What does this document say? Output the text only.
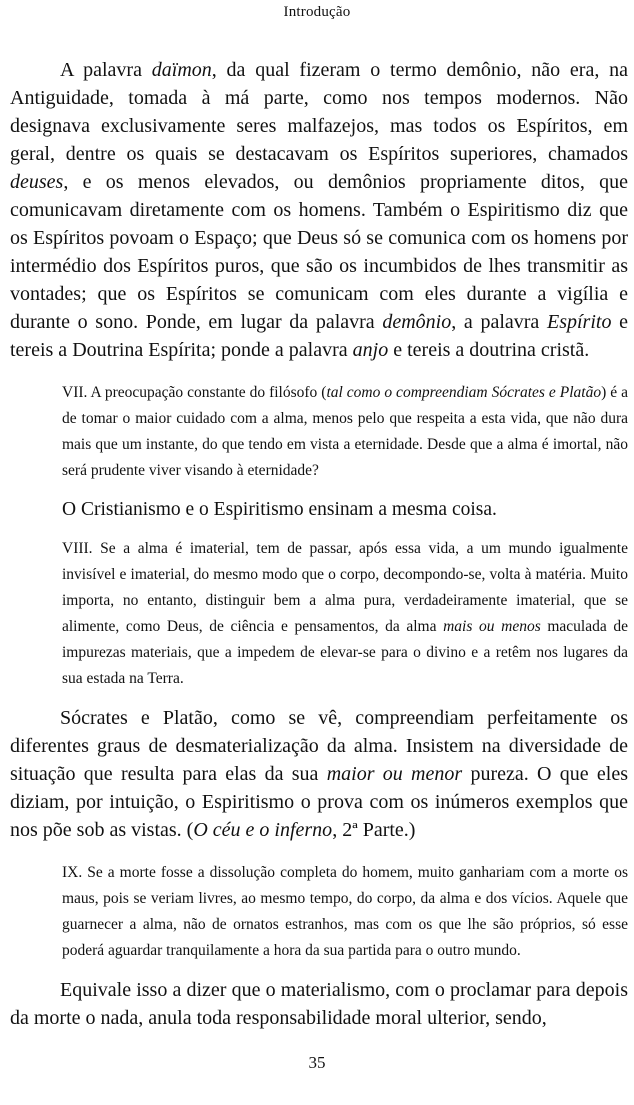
Introdução

A palavra daïmon, da qual fizeram o termo demônio, não era, na Antiguidade, tomada à má parte, como nos tempos modernos. Não designava exclusivamente seres malfazejos, mas todos os Espíritos, em geral, dentre os quais se destacavam os Espíritos superiores, chamados deuses, e os menos elevados, ou demônios propriamente ditos, que comunicavam diretamente com os homens. Também o Espiritismo diz que os Espíritos povoam o Espaço; que Deus só se comunica com os homens por intermédio dos Espíritos puros, que são os incumbidos de lhes transmitir as vontades; que os Espíritos se comunicam com eles durante a vigília e durante o sono. Ponde, em lugar da palavra demônio, a palavra Espírito e tereis a Doutrina Espírita; ponde a palavra anjo e tereis a doutrina cristã.

VII. A preocupação constante do filósofo (tal como o compreendiam Sócrates e Platão) é a de tomar o maior cuidado com a alma, menos pelo que respeita a esta vida, que não dura mais que um instante, do que tendo em vista a eternidade. Desde que a alma é imortal, não será prudente viver visando à eternidade?

O Cristianismo e o Espiritismo ensinam a mesma coisa.

VIII. Se a alma é imaterial, tem de passar, após essa vida, a um mundo igualmente invisível e imaterial, do mesmo modo que o corpo, decompondo-se, volta à matéria. Muito importa, no entanto, distinguir bem a alma pura, verdadeiramente imaterial, que se alimente, como Deus, de ciência e pensamentos, da alma mais ou menos maculada de impurezas materiais, que a impedem de elevar-se para o divino e a retêm nos lugares da sua estada na Terra.

Sócrates e Platão, como se vê, compreendiam perfeitamente os diferentes graus de desmaterialização da alma. Insistem na diversidade de situação que resulta para elas da sua maior ou menor pureza. O que eles diziam, por intuição, o Espiritismo o prova com os inúmeros exemplos que nos põe sob as vistas. (O céu e o inferno, 2ª Parte.)

IX. Se a morte fosse a dissolução completa do homem, muito ganhariam com a morte os maus, pois se veriam livres, ao mesmo tempo, do corpo, da alma e dos vícios. Aquele que guarnecer a alma, não de ornatos estranhos, mas com os que lhe são próprios, só esse poderá aguardar tranquilamente a hora da sua partida para o outro mundo.

Equivale isso a dizer que o materialismo, com o proclamar para depois da morte o nada, anula toda responsabilidade moral ulterior, sendo,

35
